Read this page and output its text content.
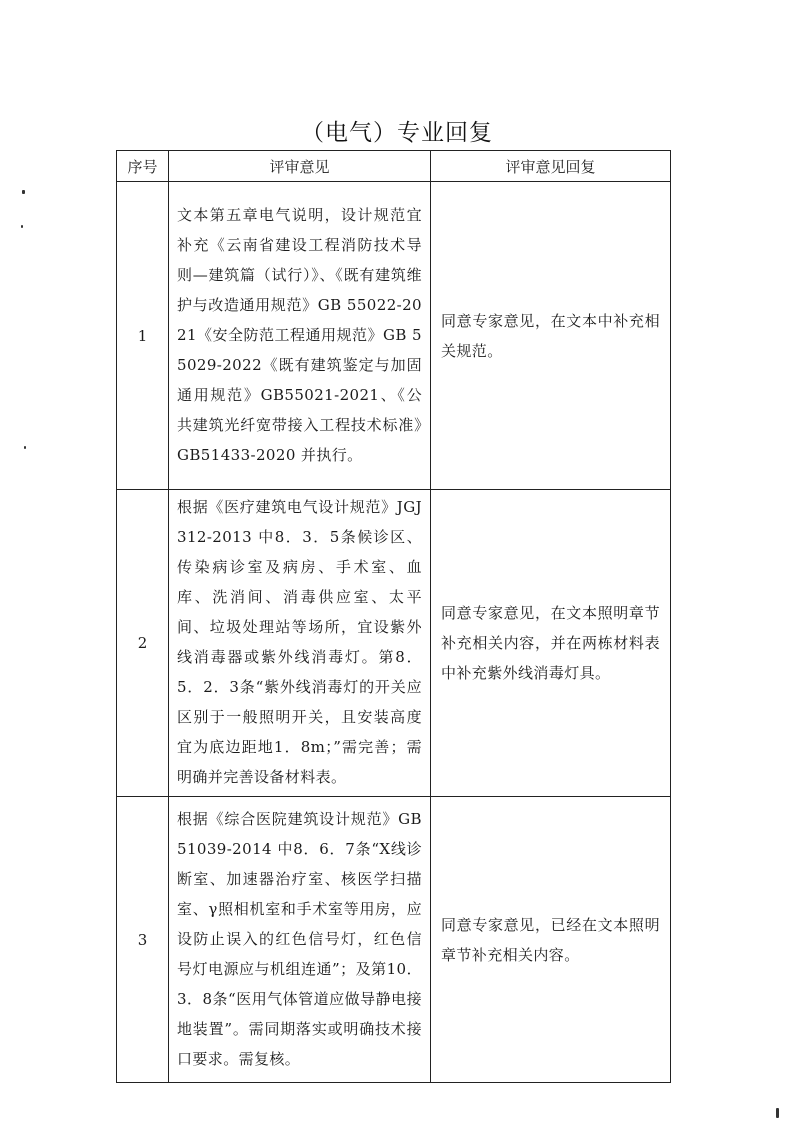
（电气）专业回复
序号	评审意见	评审意见回复
1	文本第五章电气说明，设计规范宜补充《云南省建设工程消防技术导则—建筑篇（试行）》、《既有建筑维护与改造通用规范》GB 55022-2021《安全防范工程通用规范》GB 55029-2022《既有建筑鉴定与加固通用规范》GB55021-2021、《公共建筑光纤宽带接入工程技术标准》GB51433-2020 并执行。	同意专家意见，在文本中补充相关规范。
2	根据《医疗建筑电气设计规范》JGJ 312-2013 中8．3．5条候诊区、传染病诊室及病房、手术室、血库、洗消间、消毒供应室、太平间、垃圾处理站等场所，宜设紫外线消毒器或紫外线消毒灯。第8．5．2．3条“紫外线消毒灯的开关应区别于一般照明开关，且安装高度宜为底边距地1．8m；”需完善；需明确并完善设备材料表。	同意专家意见，在文本照明章节补充相关内容，并在两栋材料表中补充紫外线消毒灯具。
3	根据《综合医院建筑设计规范》GB 51039-2014 中8．6．7条“X线诊断室、加速器治疗室、核医学扫描室、γ照相机室和手术室等用房，应设防止误入的红色信号灯，红色信号灯电源应与机组连通”；及第10．3．8条“医用气体管道应做导静电接地装置”。需同期落实或明确技术接口要求。需复核。	同意专家意见，已经在文本照明章节补充相关内容。
